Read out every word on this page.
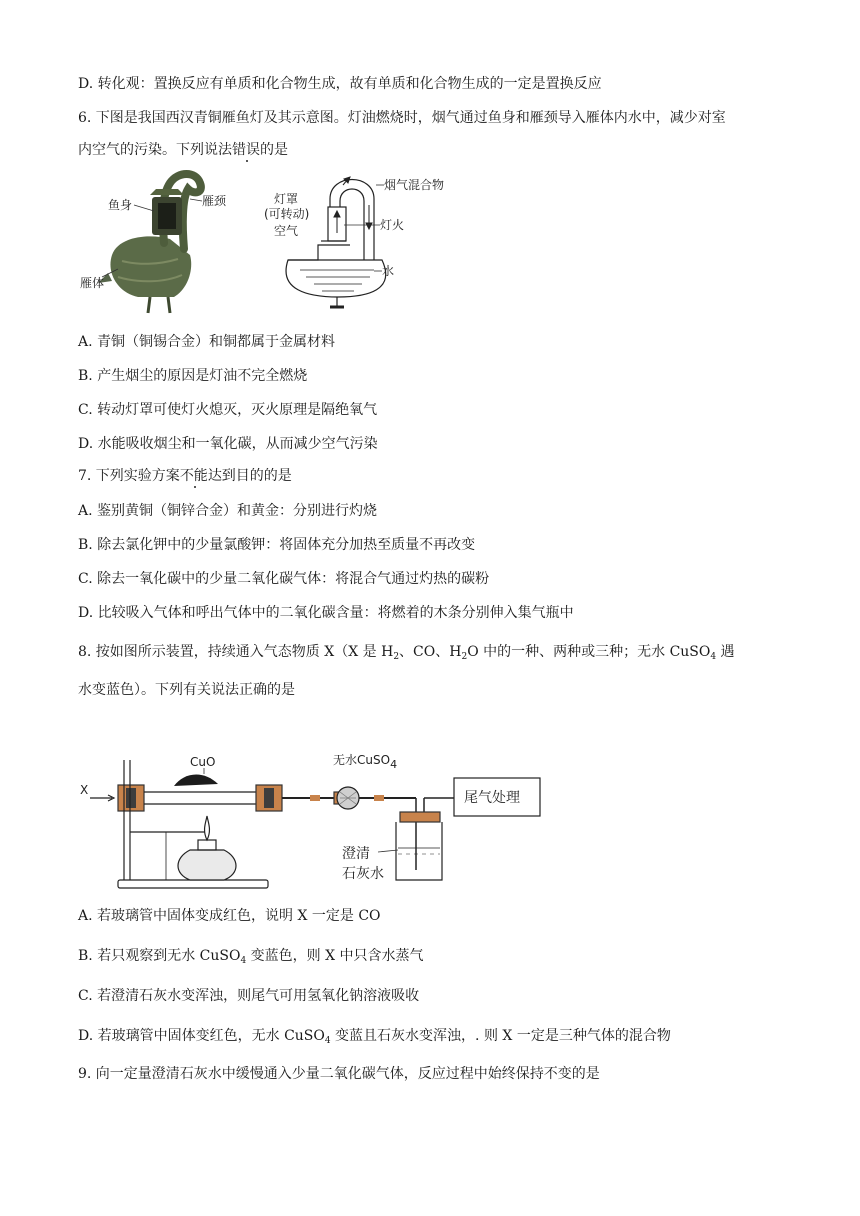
D. 转化观：置换反应有单质和化合物生成，故有单质和化合物生成的一定是置换反应
6. 下图是我国西汉青铜雁鱼灯及其示意图。灯油燃烧时，烟气通过鱼身和雁颈导入雁体内水中，减少对室
内空气的污染。下列说法错误的是
鱼身	雁颈
雁体
烟气混合物
灯罩
(可转动)
灯火
空气
水
A. 青铜（铜锡合金）和铜都属于金属材料
B. 产生烟尘的原因是灯油不完全燃烧
C. 转动灯罩可使灯火熄灭，灭火原理是隔绝氧气
D. 水能吸收烟尘和一氧化碳，从而减少空气污染
7. 下列实验方案不能达到目的的是
A. 鉴别黄铜（铜锌合金）和黄金：分别进行灼烧
B. 除去氯化钾中的少量氯酸钾：将固体充分加热至质量不再改变
C. 除去一氧化碳中的少量二氧化碳气体：将混合气通过灼热的碳粉
D. 比较吸入气体和呼出气体中的二氧化碳含量：将燃着的木条分别伸入集气瓶中
8. 按如图所示装置，持续通入气态物质 X（X 是 $H_2$、CO、$H_2O$ 中的一种、两种或三种；无水 CuSO$_4$ 遇
水变蓝色）。下列有关说法正确的是
X
CuO	无水CuSO4
尾气处理
澄清
石灰水
A. 若玻璃管中固体变成红色，说明 X 一定是 CO
B. 若只观察到无水 CuSO$_4$ 变蓝色，则 X 中只含水蒸气
C. 若澄清石灰水变浑浊，则尾气可用氢氧化钠溶液吸收
D. 若玻璃管中固体变红色，无水 CuSO$_4$ 变蓝且石灰水变浑浊，. 则 X 一定是三种气体的混合物
9. 向一定量澄清石灰水中缓慢通入少量二氧化碳气体，反应过程中始终保持不变的是
